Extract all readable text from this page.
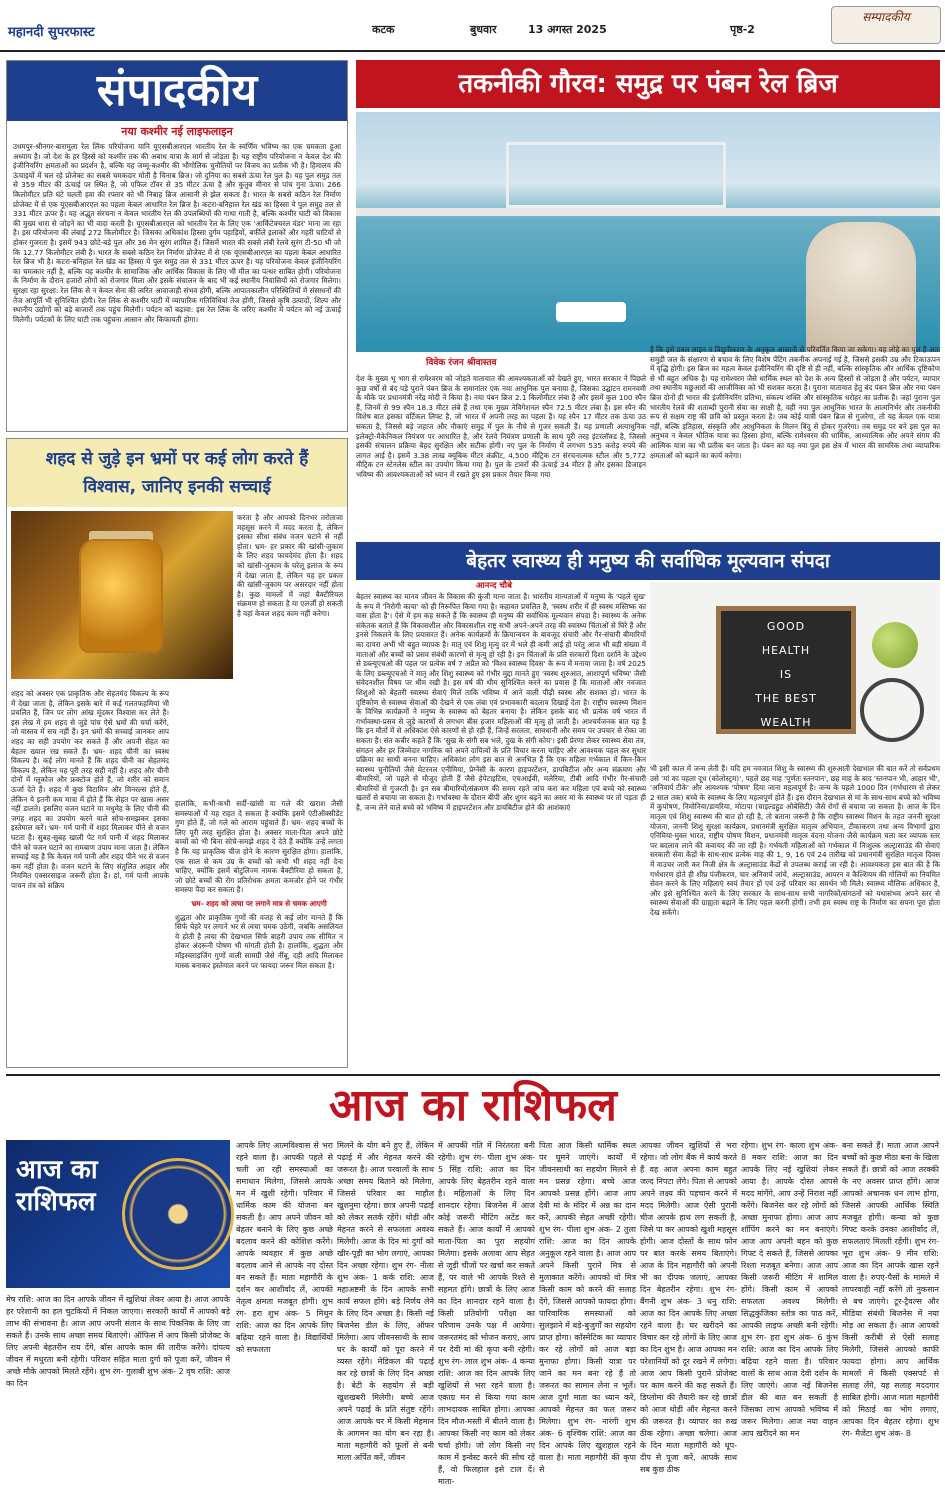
महानदी सुपरफास्ट	कटक	बुधवार	13 अगस्त 2025	पृष्ठ-2
सम्पादकीय
संपादकीय
नया कश्मीर नई लाइफलाइन
उधमपुर-श्रीनगर-बारामुला रेल लिंक परियोजना यानि यूएसबीआरएल भारतीय रेल के स्वर्णिम भविष्य का एक चमकता हुआ अध्याय है। जो देश के हर हिस्से को कश्मीर तक की अबाध यात्रा के मार्ग से जोड़ता है। यह राष्ट्रीय परियोजना न केवल देश की इंजीनियरिंग क्षमताओं का प्रदर्शन है, बल्कि यह जम्मू-कश्मीर की भौगोलिक चुनौतियों पर विजय का प्रतीक भी है। हिमालय की ऊंचाइयों में चल रहे प्रोजेक्ट का सबसे चमकदार मोती है चिनाब ब्रिज। जो दुनिया का सबसे ऊंचा रेल पुल है। यह पुल समुद्र तल से 359 मीटर की ऊंचाई पर स्थित है, जो एफिल टॉवर से 35 मीटर ऊंचा है और कुतुब मीनार से पांच गुना ऊंचा। 266 किलोमीटर प्रति घंटे चलती हवा की रफ्तार को भी निबाह ब्रिज आसानी से झेल सकता है। भारत के सबसे कठिन रेल निर्माण प्रोजेक्ट में से एक यूएसबीआरएल का पहला केबल आधारित रेल ब्रिज है। कटरा-बनिहाल रेल खंड का हिस्सा ये पुल समुद्र तल से 331 मीटर ऊपर है। यह अद्भुत संरचना न केवल भारतीय रेल की उपलब्धियों की गाथा गाती है, बल्कि कश्मीर घाटी को विकास की मुख्य धारा से जोड़ने का भी वादा करती है। यूएसबीआरएल को भारतीय रेल के लिए एक 'आर्किटेक्चरल वंडर' माना जा रहा है। इस परियोजना की लंबाई 272 किलोमीटर है। जिसका अधिकांश हिस्सा दुर्गम पहाड़ियों, बर्फीले इलाकों और गहरी घाटियों से होकर गुजरता है। इसमें 943 छोटे-बड़े पुल और 36 मेन सुरंग शामिल हैं। जिसमें भारत की सबसे लंबी रेलवे सुरंग टी-50 भी जो कि 12.77 किलोमीटर लंबी है। भारत के सबसे कठिन रेल निर्माण प्रोजेक्ट में से एक यूएसबीआरएल का पहला केबल आधारित रेल ब्रिज भी है। कटरा-बनिहाल रेल खंड का हिस्सा ये पुल समुद्र तल से 331 मीटर ऊपर है। यह परियोजना केवल इंजीनियरिंग का चमत्कार नहीं है, बल्कि यह कश्मीर के सामाजिक और आर्थिक विकास के लिए भी मील का पत्थर साबित होगी। परियोजना के निर्माण के दौरान हजारों लोगों को रोजगार मिला और इसके संचालन के बाद भी कई स्थानीय निवासियों को रोजगार मिलेगा। सुरक्षा रहा सुरक्षा: रेल लिंक से न केवल सेना की त्वरित आवाजाही संभव होगी, बल्कि आपातकालीन परिस्थितियों में संसाधनों की तेज आपूर्ति भी सुनिश्चित होगी। रेल लिंक से कश्मीर घाटी में व्यापारिक गतिविधियां तेज होंगी, जिससे कृषि उत्पादों, शिल्प और स्थानीय उद्योगों को बड़े बाजारों तक पहुंच मिलेगी। पर्यटन को बढ़ावा: इस रेल लिंक के जरिए कश्मीर में पर्यटन को नई ऊंचाई मिलेगी। पर्यटकों के लिए घाटी तक पहुंचना आसान और किफायती होगा।
शहद से जुड़े इन भ्रमों पर कई लोग करते हैं
विश्वास, जानिए इनकी सच्चाई
करता है और आपको दिनभर तरोताजा महसूस करने में मदद करता है, लेकिन इसका सीधा संबंध वजन घटाने से नहीं होता। भ्रम- हर प्रकार की खांसी-जुकाम के लिए शहद फायदेमंद होता है। शहद को खांसी-जुकाम के घरेलू इलाज के रूप में देखा जाता है, लेकिन यह हर प्रकार की खांसी-जुकाम पर असरदार नहीं होता है। कुछ मामलों में जहां बैक्टीरियल संक्रमण हो सकता है या एलर्जी हो सकती है वहां केवल शहद काम नहीं करेगा।
शहद को अक्सर एक प्राकृतिक और सेहतमंद विकल्प के रूप में देखा जाता है, लेकिन इसके बारे में कई गलतफहमियां भी प्रचलित हैं, जिन पर लोग आंख मूंदकर विश्वास कर लेते हैं। इस लेख में हम शहद से जुड़े पांच ऐसे भ्रमों की चर्चा करेंगे, जो वास्तव में सच नहीं हैं। इन भ्रमों की सच्चाई जानकर आप शहद का सही उपयोग कर सकते हैं और अपनी सेहत का बेहतर ख्याल रख सकते हैं। भ्रम- शहद चीनी का स्वस्थ विकल्प है। कई लोग मानते हैं कि शहद चीनी का सेहतमंद विकल्प है, लेकिन यह पूरी तरह सही नहीं है। शहद और चीनी दोनों में ग्लूकोज और फ्रक्टोज होते हैं, जो शरीर को समान ऊर्जा देते हैं। शहद में कुछ विटामिन और मिनरल्स होते हैं, लेकिन ये इतनी कम मात्रा में होते हैं कि सेहत पर खास असर नहीं डालते। इसलिए वजन घटाने या मधुमेह के लिए चीनी की जगह शहद का उपयोग करने वाले सोच-समझकर इसका इस्तेमाल करें। भ्रम- गर्म पानी में शहद मिलाकर पीने से वजन घटता है। सुबह-सुबह खाली पेट गर्म पानी में शहद मिलाकर पीने को वजन घटाने का रामबाण उपाय माना जाता है। लेकिन सच्चाई यह है कि केवल गर्म पानी और शहद पीने भर से वजन कम नहीं होता है। वजन घटाने के लिए संतुलित आहार और नियमित एक्सरसाइज जरूरी होता है। हां, गर्म पानी आपके पाचन तंत्र को सक्रिय
हालांकि, कभी-कभी सर्दी-खांसी या गले की खराश जैसी समस्याओं में यह राहत दे सकता है क्योंकि इसमें एंटीऑक्सीडेंट गुण होते हैं, जो गले को आराम पहुंचाते हैं। भ्रम- शहद बच्चों के लिए पूरी तरह सुरक्षित होता है। अक्सर माता-पिता अपने छोटे बच्चों को भी बिना सोचे-समझे शहद दे देते हैं क्योंकि उन्हें लगता है कि यह प्राकृतिक चीज होने के कारण सुरक्षित होगा। हालांकि, एक साल से कम उम्र के बच्चों को कभी भी शहद नहीं देना चाहिए, क्योंकि इसमें बोटुलिज्म नामक बैक्टीरिया हो सकता है, जो छोटे बच्चों की रोग प्रतिरोधक क्षमता कमजोर होने पर गंभीर समस्या पैदा कर सकता है।
भ्रम- शहद को त्वचा पर लगाने मात्र से चमक आएगी
शुद्धता और प्राकृतिक गुणों की वजह से कई लोग मानते हैं कि सिर्फ चेहरे पर लगाने भर से त्वचा चमक उठेगी, जबकि असलियत ये होती है त्वचा की देखभाल सिर्फ बाहरी उपाय तक सीमित न होकर अंदरूनी पोषण भी मांगती होती है। हालांकि, शुद्धता और मॉइस्चराइजिंग गुणों वाली सामग्री जैसे नींबू, दही आदि मिलाकर मास्क बनाकर इस्तेमाल करने पर फायदा जरूर मिल सकता है।
तकनीकी गौरव: समुद्र पर पंबन रेल ब्रिज
विवेक रंजन श्रीवास्तव
देश के मुख्य भू भाग से रामेश्वरम को जोड़ते यातायात की आवश्यकताओं को देखते हुए, भारत सरकार ने पिछले कुछ वर्षों से बंद पड़े पुराने पंबन ब्रिज के समानांतर एक नया आधुनिक पुल बनाया है, जिसका उद्घाटन रामनवमी के मौके पर प्रधानमंत्री नरेंद्र मोदी ने किया है। नया पंबन ब्रिज 2.1 किलोमीटर लंबा है और इसमें कुल 100 स्पैन हैं, जिनमें से 99 स्पैन 18.3 मीटर लंबे हैं तथा एक मुख्य नेविगेशनल स्पैन 72.5 मीटर लंबा है। इस स्पैन की विशेष बात इसका वर्टिकल लिफ्ट है, जो भारत में अपनी तरह का पहला है। यह स्पैन 17 मीटर तक ऊंचा उठ सकता है, जिससे बड़े जहाज और नौकाएं समुद्र में पुल के नीचे से गुजर सकती हैं। यह प्रणाली अत्याधुनिक इलेक्ट्रो-मैकेनिकल नियंत्रण पर आधारित है, और रेलवे नियंत्रण प्रणाली के साथ पूरी तरह इंटरलॉक्ड है, जिससे इसकी संचालन प्रक्रिया बेहद सुरक्षित और सटीक होगी। नए पुल के निर्माण में लगभग 535 करोड़ रुपये की लागत आई है। इसमें 3.38 लाख क्यूबिक मीटर कंक्रीट, 4,500 मीट्रिक टन संरचनात्मक स्टील और 5,772 मीट्रिक टन स्टेनलेस स्टील का उपयोग किया गया है। पुल के टावरों की ऊंचाई 34 मीटर है और इसका डिजाइन भविष्य की आवश्यकताओं को ध्यान में रखते हुए इस प्रकार तैयार किया गया
है कि इसे डबल लाइन व विद्युतीकरण के अनुकूल आसानी से परिवर्तित किया जा सकेगा। यह लोहे का पुल है अतः समुद्री जल के संक्षारण से बचाव के लिए विशेष पेंटिंग तकनीक अपनाई गई है, जिससे इसकी उम्र और टिकाऊपन में वृद्धि होगी। इस ब्रिज का महत्व केवल इंजीनियरिंग की दृष्टि से ही नहीं, बल्कि सांस्कृतिक और आर्थिक दृष्टिकोण से भी बहुत अधिक है। यह रामेश्वरम जैसे धार्मिक स्थल को देश के अन्य हिस्सों से जोड़ता है और पर्यटन, व्यापार तथा स्थानीय मछुआरों की आजीविका को भी सशक्त करता है। पुराना यातायात हेतु बंद पंबन ब्रिज और नया पंबन ब्रिज दोनों ही भारत की इंजीनियरिंग प्रतिभा, संकल्प शक्ति और सांस्कृतिक धरोहर का प्रतीक हैं। जहां पुराना पुल भारतीय रेलवे की शताब्दी पुरानी सेवा का साक्षी है, वहीं नया पुल आधुनिक भारत के आत्मनिर्भर और तकनीकी रूप से सक्षम राष्ट्र की छवि को प्रस्तुत करता है। जब कोई यात्री पंबन ब्रिज से गुजरेगा, तो यह केवल एक यात्रा नहीं, बल्कि इतिहास, संस्कृति और आधुनिकता के मिलन बिंदु से होकर गुजरेगा। तब समुद्र पर बने इस पुल का अनुभव न केवल भौतिक यात्रा का हिस्सा होगा, बल्कि रामेश्वरम की धार्मिक, आध्यात्मिक और अपने संगम की आत्मिक यात्रा का भी प्रतीक बन जाता है। पंबन का यह नया पुल इस क्षेत्र में भारत की सामरिक तथा व्यापारिक क्षमताओं को बढ़ाने का कार्य करेगा।
बेहतर स्वास्थ्य ही मनुष्य की सर्वाधिक मूल्यवान संपदा
आनन्द चौबे
बेहतर स्वास्थ्य का मानव जीवन के विकास की कुंजी माना जाता है। भारतीय मान्यताओं में मनुष्य के 'पहले सुख' के रूप में 'निरोगी काया' को ही निरूपित किया गया है। कहावत प्रचलित है, 'स्वस्थ शरीर में ही स्वस्थ मस्तिष्क का वास होता है'। ऐसे में हम कह सकते हैं कि स्वास्थ्य ही मनुष्य की सर्वाधिक मूल्यवान संपदा है। स्वास्थ्य के अनेक संकेतक बताते हैं कि विकासशील और विकासशील राष्ट्र सभी अपने-अपने तरह की स्वास्थ्य चिंताओं से घिरे हैं और इनसे निकलने के लिए प्रयासरत हैं। अनेक कार्यक्रमों के क्रियान्वयन के बावजूद संचारी और गैर-संचारी बीमारियों का दायरा अभी भी बहुत व्यापक है। मातृ एवं शिशु मृत्यु दर में भले ही कमी आई हो परंतु आज भी बड़ी संख्या में माताओं और बच्चों को प्रसव संबंधी कारणों से मृत्यु हो रही है। इन चिंताओं के प्रति सरकारों दिशा दर्शाने के उद्देश्य से डब्ल्यूएचओ की पहल पर प्रत्येक वर्ष 7 अप्रैल को 'विश्व स्वास्थ्य दिवस' के रूप में मनाया जाता है। वर्ष 2025 के लिए डब्ल्यूएचओ ने मातृ और शिशु स्वास्थ्य को गंभीर मुद्दा मानते हुए 'स्वस्थ शुरुआत, आशापूर्ण भविष्य' जैसी संवेदनशील विषय पर थीम रखी है। इस वर्ष की थीम सुनिश्चित करने का प्रयास है कि माताओं और नवजात शिशुओं को बेहतरी स्वास्थ्य सेवाएं मिलें ताकि भविष्य में आने वाली पीढ़ी स्वस्थ और सशक्त हो। भारत के दृष्टिकोण से स्वास्थ्य सेवाओं की देखने से एक लंबा एवं प्रभावकारी बदलाव दिखाई देता है। राष्ट्रीय स्वास्थ्य मिशन के विभिन्न कार्यक्रमों ने मनुष्य के स्वास्थ्य को बेहतर बनाया है। लेकिन इसके बाद भी प्रत्येक वर्ष भारत में गर्भावस्था-प्रसव से जुड़े कारणों से लगभग बीस हजार महिलाओं की मृत्यु हो जाती है। आश्चर्यजनक बात यह है कि इन मौतों में से अधिकांश ऐसे कारणों से हो रही हैं, जिन्हें सरलता, सावधानी और समय पर उपचार से रोका जा सकता है। संत कबीर कहते हैं कि 'सुख के संगी सब भले, दुख के संगी कोय'। इसी प्रेरणा लेकर स्वास्थ्य सेवा तंत्र, संगठन और हर जिम्मेदार नागरिक को अपने दायित्वों के प्रति विचार करना चाहिए और आवश्यक पहल कर सुधार प्रक्रिया का साथी बनना चाहिए। अधिकांश लोग इस बात से अनभिज्ञ हैं कि एक महिला गर्भकाल में किन-किन स्वास्थ्य चुनौतियों जैसे मेटरनल एनीमिया, प्रेग्नेंसी के कारण हाइपरटेंशन, डायबिटीज और अन्य संक्रमण और बीमारियों, जो पहले से मौजूद होती हैं जैसे हेपेटाइटिस, एचआईवी, मलेरिया, टीबी आदि गंभीर गैर-संचारी बीमारियों से गुजरती है। इन सब बीमारियों/संक्रमण की समय रहते जांच करा कर महिला एवं बच्चे को स्वास्थ्य खतरों से बचाया जा सकता है। गर्भावस्था के दौरान बीपी और शुगर बढ़ने का असर मां के स्वास्थ्य पर तो पड़ता ही है, जन्म लेने वाले बच्चे को भविष्य में हाइपरटेंशन और डायबिटीज होने की आशंकाएं
GOOD
HEALTH
IS
THE BEST
WEALTH
भी इसी काल में जन्म लेती हैं। यदि हम नवजात शिशु के स्वास्थ्य की शुरुआती देखभाल की बात करें तो सर्वप्रथम उसे 'मां का पहला दूध (कोलोस्ट्रम)', पहले छह माह 'पूर्णतः स्तनपान', छह माह के बाद 'स्तनपान भी, आहार भी', 'अनिवार्य टीके' और आवश्यक 'पोषण' दिया जाना महत्वपूर्ण है। जन्म के पहले 1000 दिन (गर्भधारण से लेकर 2 साल तक) बच्चे के स्वास्थ्य के लिए महत्वपूर्ण होते हैं। इस दौरान देखभाल से मां के साथ-साथ बच्चे को भविष्य में कुपोषण, निमोनिया/डायरिया, मोटापा (चाइल्डहुड ओबेसिटी) जैसे रोगों से बचाया जा सकता है। आज के दिन मातृत्व एवं शिशु स्वास्थ्य की बात हो रही है, तो बताना जरूरी है कि राष्ट्रीय स्वास्थ्य मिशन के तहत जननी सुरक्षा योजना, जननी शिशु सुरक्षा कार्यक्रम, प्रधानमंत्री सुरक्षित मातृत्व अभियान, टीकाकरण तथा अन्य विभागों द्वारा एनिमिया-मुक्त भारत, राष्ट्रीय पोषण मिशन, प्रधानमंत्री मातृत्व वंदना योजना जैसे कार्यक्रम चला कर व्यापक स्तर पर बदलाव लाने की कवायद की जा रही है। गर्भवती महिलाओं को गर्भकाल में निःशुल्क अल्ट्रासाउंड की सेवाएं सरकारी सेवा केंद्रों के साथ-साथ प्रत्येक माह की 1, 9, 16 एवं 24 तारीख को प्रधानमंत्री सुरक्षित मातृत्व दिवस में वाउचर जारी कर निजी क्षेत्र के अल्ट्रासाउंड केंद्रों से उपलब्ध कराई जा रही है। आवश्यकता इस बात की है कि गर्भधारण होते ही शीघ्र पंजीकरण, चार अनिवार्य जांचें, अल्ट्रासाउंड, आयरन व कैल्शियम की गोलियों का नियमित सेवन करने के लिए महिलाएं स्वयं तैयार हों एवं उन्हें परिवार का समर्थन भी मिले। स्वास्थ्य मौलिक अधिकार है, और इसे सुनिश्चित करने के लिए सरकार के साथ-साथ सभी नागरिकों/संगठनों को यथासंभव अपने स्तर से स्वास्थ्य सेवाओं की ग्राह्यता बढ़ाने के लिए पहल करनी होगी। तभी हम स्वस्थ राष्ट्र के निर्माण का सपना पूरा होता देख सकेंगे।
आज का राशिफल
आज का
राशिफल
मेष राशि: आज का दिन आपके जीवन में खुशियां लेकर आया है। आज आपके हर परेशानी का हल चुटकियों में निकल जाएगा। सरकारी कार्यों में आपको बड़े लाभ की संभावना है। आज आप अपनी संतान के साथ पिकनिक के लिए जा सकते हैं। उनके साथ अच्छा समय बिताएंगे। ऑफिस में आप किसी प्रोजेक्ट के लिए अपनी बेहतरीन राय देंगे, बॉस आपके काम की तारीफ करेंगे। दांपत्य जीवन में मधुरता बनी रहेगी। परिवार सहित माता दुर्गा को पूजा करें, जीवन में अच्छे मौके आपको मिलते रहेंगे। शुभ रंग- गुलाबी शुभ अंक- 2 वृष राशि: आज का दिन
आपके लिए आत्मविश्वास से भरा रहने वाला है। आपकी पहले से चली आ रही समस्याओं का समाधान मिलेगा, जिससे आपके मन में खुशी रहेगी। परिवार में धार्मिक काम की योजना बन सकती है। आप अपने जीवन को बेहतर बनाने के लिए कुछ अच्छे बदलाव करने की कोशिश करेंगे। आपके व्यवहार में कुछ अच्छे बदलाव आने से आपके नए दोस्त बन सकते हैं। माता महागौरी के दर्शन कर आशीर्वाद लें, आपकी नेतृत्व क्षमता मजबूत होगी। शुभ रंग- हरा शुभ अंक- 5 मिथुन राशि: आज का दिन आपके लिए बढ़िया रहने वाला है। विद्यार्थियों को सफलता
मिलने के योग बने हुए हैं, लेकिन पढ़ाई में और मेहनत करने की जरूरत है। आज परवालों के साथ अच्छा समय बिताने को मिलेगा, जिससे परिवार का माहौल खुशनुमा रहेगा। छात्र अपनी पढ़ाई को लेकर सतर्क रहेंगे। थोड़ी और मेहनत करने से सफलता अवश्य मिलेगी। आज के दिन मां दुर्गा को खीर-पूड़ी का भोग लगाएं, आपका दिन अच्छा रहेगा। शुभ रंग- नीला शुभ अंक- 1 कर्क राशि: आज महाअष्टमी के दिन आपके सभी कार्य सफल होंगे। बड़े निर्णय लेने के लिए दिन अच्छा है। किसी नई बिजनेस डील के लिए, ऑफर मिलेगा। आप जीवनसाथी के साथ घर के कार्यों को पूरा करने में व्यस्त रहेंगे। मेडिकल की पढ़ाई कर रहे छात्रों के लिए दिन अच्छा है। बेटी के सहयोग से बड़ी खुशखबरी मिलेगी। बच्चे आज अपने पढ़ाई के प्रति संतुष्ट रहेंगे। आज आपके घर में किसी मेहमान के आगमन का योग बन रहा है। माता महागौरी को फूलों से बनी माला अर्पित करें, जीवन
में आपकी गति में निरंतरता बनी रहेगी। शुभ रंग- पीला शुभ अंक- 5 सिंह राशि: आज का दिन आपके लिए बेहतरीन रहने वाला है। महिलाओं के लिए दिन शानदार रहेगा। बिजनेस में आज कोई जरूरी मीटिंग अटेंड कर सकते हैं। आज कार्यों में आपको माता-पिता का पूरा सहयोग मिलेगा। इसके अलावा आप सेहत से जुड़ी चीजों पर खर्चा कर सकते हैं, पर वाले भी आपके रिश्ते से सहमत होंगे। छात्रों के लिए आज का दिन शानदार रहने वाला है। किसी प्रतियोगी परीक्षा का परिणाम उनके पक्ष में आयेगा। जरूरतमंद को भोजन कराएं, आप पर देवी मां की कृपा बनी रहेगी। शुभ रंग- लाल शुभ अंक- 4 कन्या राशि: आज का दिन आपके लिए खुशियों से भरा रहने वाला है। एकाग्र मन से किया गया काम लाभदायक साबित होगा। आपका दिन मौज-मस्ती में बीतने वाला है। आपका किसी नए काम को लेकर चर्चा होगी। जो लोग किसी नए काम में इन्वेस्ट करने की सोच रहे हैं, वो फिलहाल इसे टाल दें। माता-
पिता आज किसी धार्मिक स्थल पर घूमने जाएंगे। कार्यों में जीवनसाथी का सहयोग मिलने से मन प्रसन्न रहेगा। बच्चे आज आपको प्रसन्न होंगे। आज आप देवी मां के मंदिर में अन्न का दान करें, आपकी सेहत अच्छी रहेगी। शुभ रंग- पीला शुभ अंक- 2 तुला राशि: आज का दिन आपके अनुकूल रहने वाला है। आज आप अपने किसी पुराने मित्र से मुलाकात करेंगे। आपको वो मित्र किसी काम को करने की सलाह देंगे, जिससे आपको फायदा होगा। पारिवारिक समस्याओं को सुलझाने में बड़े-बुजुर्गों का सहयोग प्राप्त होगा। कॉस्मेटिक का व्यापार कर रहे लोगों को आज बड़ा मुनाफा होगा। किसी यात्रा पर जाने का मन बना रहे हैं तो जरूरत का सामान लेना न भूलें। आज दुर्गा माता का ध्यान करें, आपको मेहनत का फल जरूर मिलेगा। शुभ रंग- नारंगी शुभ अंक- 6 वृश्चिक राशि: आज का दिन आपके लिए खुशहाल रहने वाला है। माता महागौरी की कृपा से
आपका जीवन खुशियों से भरा रहेगा। जो लोग बैंक में कार्य करते हैं वह आज अपना काम बहुत जल्द निपटा लेंगे। पिता से आपको अपने लक्ष्य की पहचान करने में मदद मिलेगी। आज ऐसी पुरानी चीज आपके हाथ लग सकती है, जिसे पा कर आपको खुशी महसूस होगी। आज दोस्तों के साथ फोन पर बात करके समय बिताएंगे। आज के दिन महागौरी को अपनी भी का दीपक जलाएं, आपका दिन बेहतरीन रहेगा। शुभ रंग- बैंगनी शुभ अंक- 3 धनु राशि: आज का दिन आपके लिए अच्छा रहने वाला है। घर खरीदने का विचार कर रहे लोगों के लिए आज का दिन शुभ है। आज आपका मन परेशानियों को दूर रखने में लगेगा। आज आप किसी पुराने प्रोजेक्ट पर काम करने की कह सकते हैं। डिप्लोमा की तैयारी कर रहे छात्रों को आज थोड़ी और मेहनत करने की जरूरत है। व्यापार का रुख ठीक रहेगा। अच्छा चलेगा। आज के दिन माता महागौरी को धूप-दीप से पूजा करें, आपके साथ सब कुछ ठीक
रहेगा। शुभ रंग- काला शुभ अंक- 8 मकर राशि: आज का दिन आपके लिए नई खुशियां लेकर आया है। आपके दोस्त आपसे मदद मांगेंगे, आप उन्हें निराश नहीं करेंगे। बिजनेस कर रहे लोगों को अच्छा मुनाफा होगा। आज आप शॉपिंग करने का मन बनाएंगे। आज आप अपनी बहन को कुछ गिफ्ट दे सकते हैं, जिससे आपका रिश्ता मजबूत बनेगा। आज आप किसी जरूरी मीटिंग में शामिल होंगे। किसी काम में आपको सफलता अवश्य मिलेगी। सिद्धकुंजिका स्तोत्र का पाठ करें, आपकी लाइफ अच्छी बनी रहेगी। शुभ रंग- हरा शुभ अंक- 6 कुंभ राशि: आज का दिन आपके लिए बढ़िया रहने वाला है। परिवार वालों के साथ आज देवी दर्शन के लिए जाएंगे। आज नई बिजनेस डील की बात बन सकती है जिसका लाभ आपको भविष्य में जरूर मिलेगा। आज नया वाहन आप खरीदने का मन
बना सकते हैं। माता आज आपने बच्चों को कुछ मीठा बना के खिला सकते हैं। छात्रों को आज तरक्की के नए अवसर प्राप्त होंगे। आज आपको अचानक धन लाभ होगा, जिससे आपकी आर्थिक स्थिति मजबूत होगी। कन्या को कुछ गिफ्ट करके उनका आशीर्वाद लें, सफलताएं मिलती रहेंगी। शुभ रंग- भूरा शुभ अंक- 9 मीन राशि: आज का दिन आपके खास रहने वाला है। रुपए-पैसों के मामले में लापरवाही नहीं करेंगे तो नुकसान से बच जाएंगे। टूर-ट्रैवल्स और मीडिया संबंधी बिजनेस में नया मोड़ आ सकता है। आज आपको किसी करीबी से ऐसी सलाह मिलेगी, जिससे आपको काफी फायदा होगा। आप आर्थिक मामलों में किसी एक्सपर्ट से सलाह लेंगे, यह सलाह मददगार साबित होगी। आज माता महागौरी को मिठाई का भोग लगाएं, आपका दिन बेहतर रहेगा। शुभ रंग- मैजेंटा शुभ अंक- 8
